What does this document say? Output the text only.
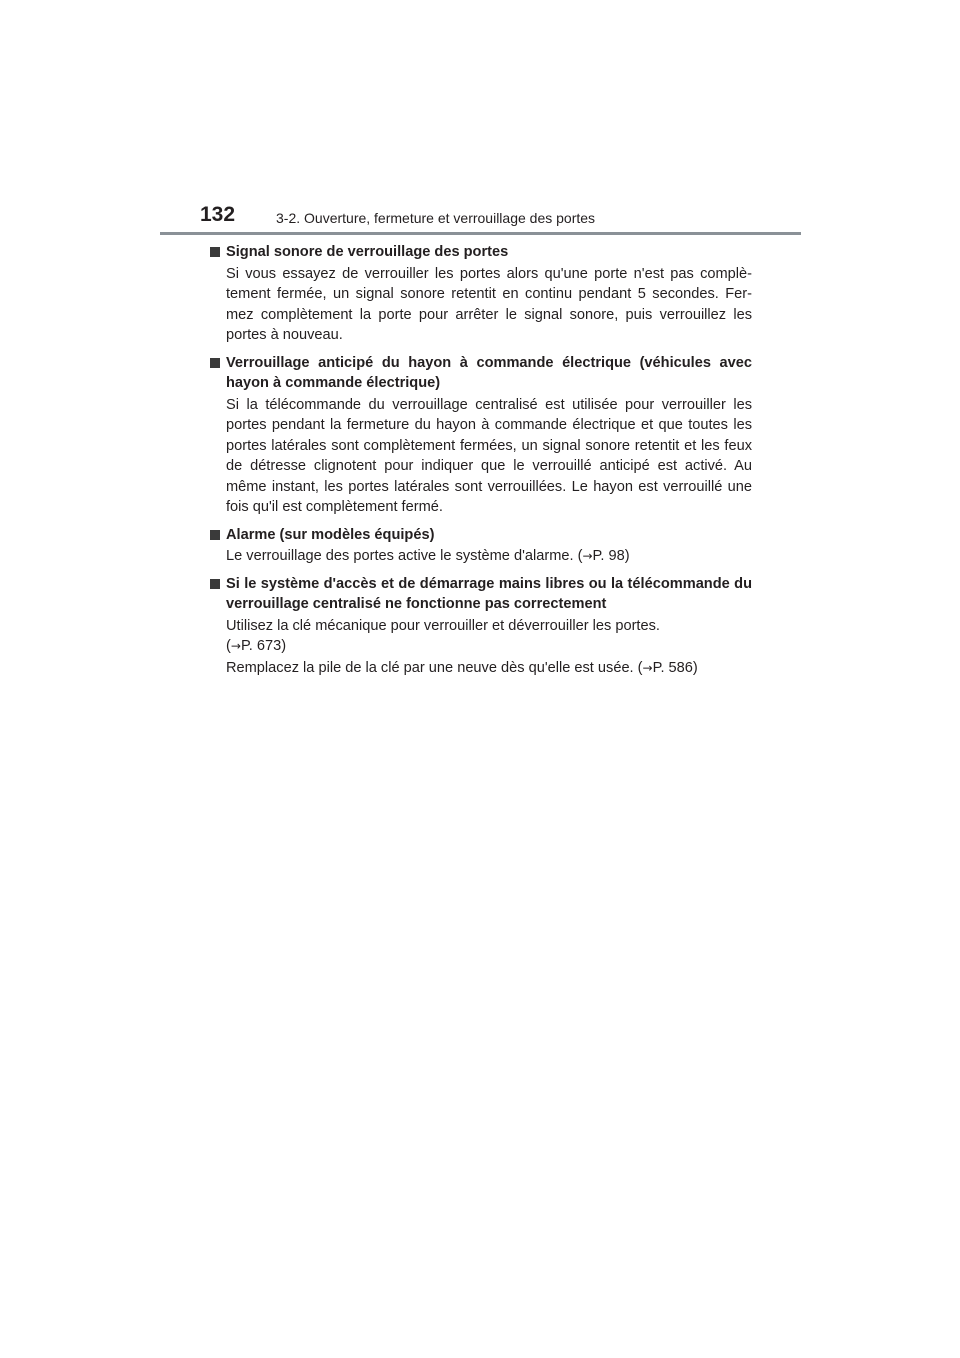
132	3-2. Ouverture, fermeture et verrouillage des portes
Signal sonore de verrouillage des portes
Si vous essayez de verrouiller les portes alors qu'une porte n'est pas complè-tement fermée, un signal sonore retentit en continu pendant 5 secondes. Fer-mez complètement la porte pour arrêter le signal sonore, puis verrouillez les portes à nouveau.
Verrouillage anticipé du hayon à commande électrique (véhicules avec hayon à commande électrique)
Si la télécommande du verrouillage centralisé est utilisée pour verrouiller les portes pendant la fermeture du hayon à commande électrique et que toutes les portes latérales sont complètement fermées, un signal sonore retentit et les feux de détresse clignotent pour indiquer que le verrouillé anticipé est activé. Au même instant, les portes latérales sont verrouillées. Le hayon est verrouillé une fois qu'il est complètement fermé.
Alarme (sur modèles équipés)
Le verrouillage des portes active le système d'alarme. (→P. 98)
Si le système d'accès et de démarrage mains libres ou la télécommande du verrouillage centralisé ne fonctionne pas correctement
Utilisez la clé mécanique pour verrouiller et déverrouiller les portes.
(→P. 673)
Remplacez la pile de la clé par une neuve dès qu'elle est usée. (→P. 586)
